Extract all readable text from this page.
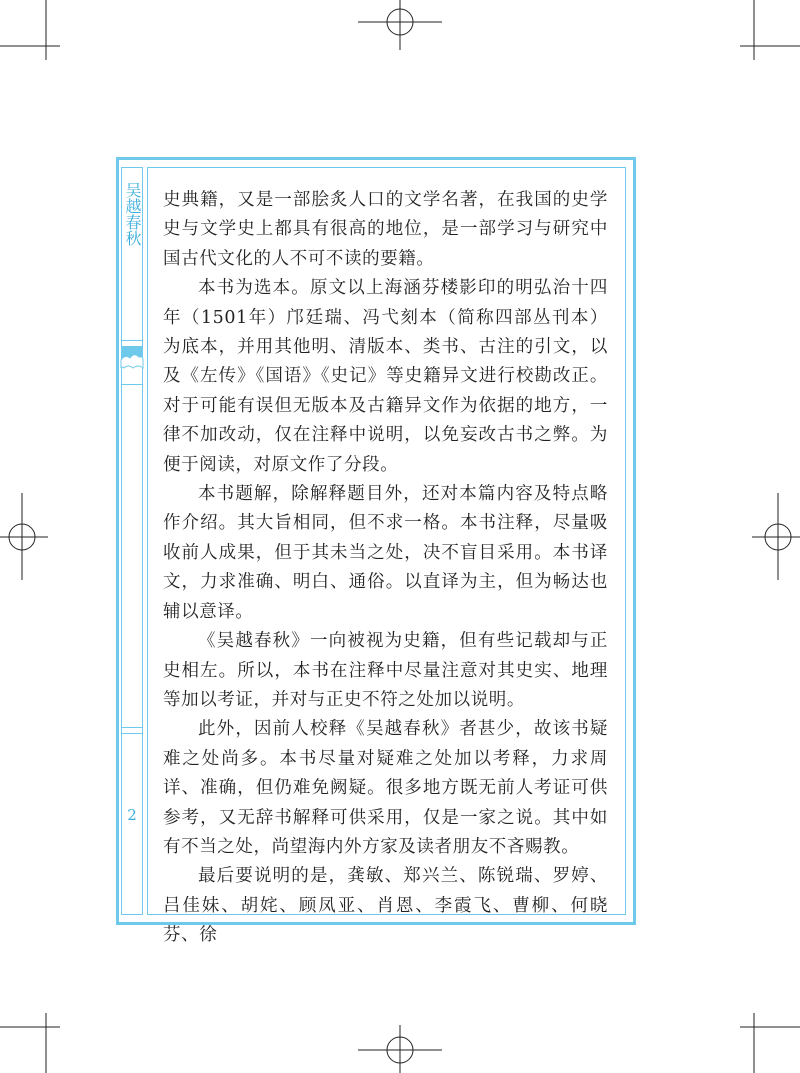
吴越春秋
2

史典籍，又是一部脍炙人口的文学名著，在我国的史学史与文学史上都具有很高的地位，是一部学习与研究中国古代文化的人不可不读的要籍。

本书为选本。原文以上海涵芬楼影印的明弘治十四年（1501年）邝廷瑞、冯弋刻本（简称四部丛刊本）为底本，并用其他明、清版本、类书、古注的引文，以及《左传》《国语》《史记》等史籍异文进行校勘改正。对于可能有误但无版本及古籍异文作为依据的地方，一律不加改动，仅在注释中说明，以免妄改古书之弊。为便于阅读，对原文作了分段。

本书题解，除解释题目外，还对本篇内容及特点略作介绍。其大旨相同，但不求一格。本书注释，尽量吸收前人成果，但于其未当之处，决不盲目采用。本书译文，力求准确、明白、通俗。以直译为主，但为畅达也辅以意译。

《吴越春秋》一向被视为史籍，但有些记载却与正史相左。所以，本书在注释中尽量注意对其史实、地理等加以考证，并对与正史不符之处加以说明。

此外，因前人校释《吴越春秋》者甚少，故该书疑难之处尚多。本书尽量对疑难之处加以考释，力求周详、准确，但仍难免阙疑。很多地方既无前人考证可供参考，又无辞书解释可供采用，仅是一家之说。其中如有不当之处，尚望海内外方家及读者朋友不吝赐教。

最后要说明的是，龚敏、郑兴兰、陈锐瑞、罗婷、吕佳妹、胡姹、顾凤亚、肖恩、李霞飞、曹柳、何晓芬、徐
